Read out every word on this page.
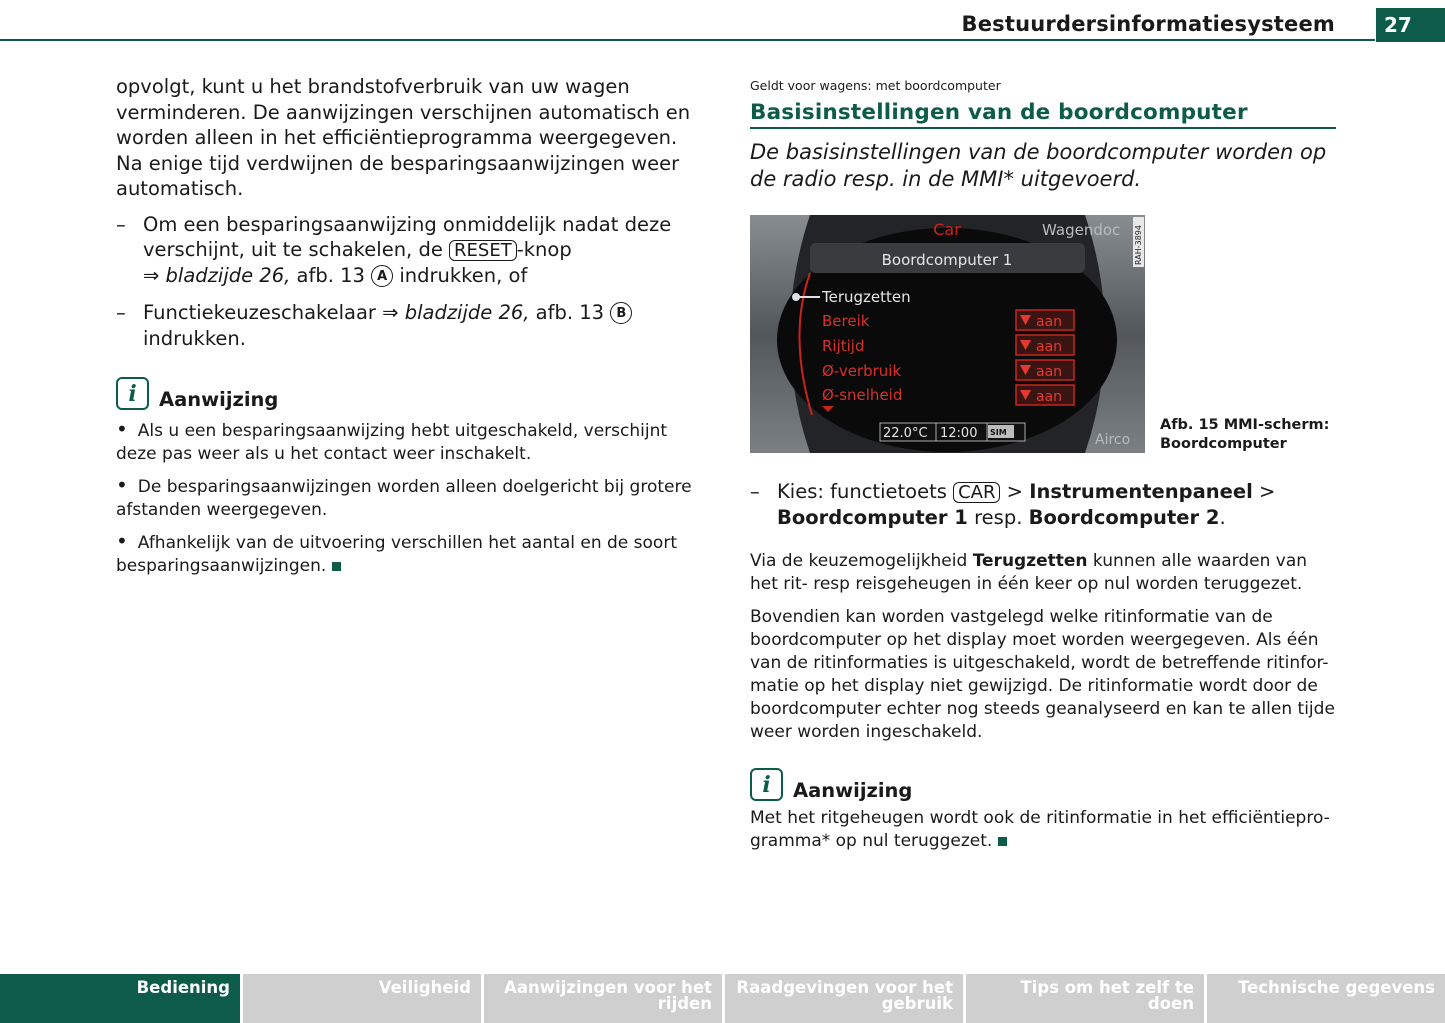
Bestuurdersinformatiesysteem	27

opvolgt, kunt u het brandstofverbruik van uw wagen verminderen. De aanwijzingen verschijnen automatisch en worden alleen in het efficiëntieprogramma weergegeven. Na enige tijd verdwijnen de besparingsaanwijzingen weer automatisch.

– Om een besparingsaanwijzing onmiddelijk nadat deze verschijnt, uit te schakelen, de RESET -knop
⇒ bladzijde 26, afb. 13 A indrukken, of
– Functiekeuzeschakelaar ⇒ bladzijde 26, afb. 13 B indrukken.
i Aanwijzing

• Als u een besparingsaanwijzing hebt uitgeschakeld, verschijnt deze pas weer als u het contact weer inschakelt.

• De besparingsaanwijzingen worden alleen doelgericht bij grotere afstanden weergegeven.

• Afhankelijk van de uitvoering verschillen het aantal en de soort besparingsaanwijzingen.

Geldt voor wagens: met boordcomputer
Basisinstellingen van de boordcomputer
De basisinstellingen van de boordcomputer worden op de radio resp. in de MMI* uitgevoerd.
Car	Wagendoc RAH-3894
Boordcomputer 1
Terugzetten
Bereik
Rijtijd
Ø-verbruik
Ø-snelheid
aan
aan
aan
aan
22.0°C 12:00 SIM	Airco
Afb. 15 MMI-scherm:
Boordcomputer
– Kies: functietoets CAR > Instrumentenpaneel >
Boordcomputer 1 resp. Boordcomputer 2.

Via de keuzemogelijkheid Terugzetten kunnen alle waarden van het rit- resp reisgeheugen in één keer op nul worden teruggezet.

Bovendien kan worden vastgelegd welke ritinformatie van de boordcomputer op het display moet worden weergegeven. Als één van de ritinformaties is uitgeschakeld, wordt de betreffende ritinfor-matie op het display niet gewijzigd. De ritinformatie wordt door de boordcomputer echter nog steeds geanalyseerd en kan te allen tijde weer worden ingeschakeld.

i Aanwijzing

Met het ritgeheugen wordt ook de ritinformatie in het efficiëntiepro-gramma* op nul teruggezet.

Bediening	Veiligheid	Aanwijzingen voor het rijden
Raadgevingen voor het gebruik
Tips om het zelf te doen
Technische gegevens
